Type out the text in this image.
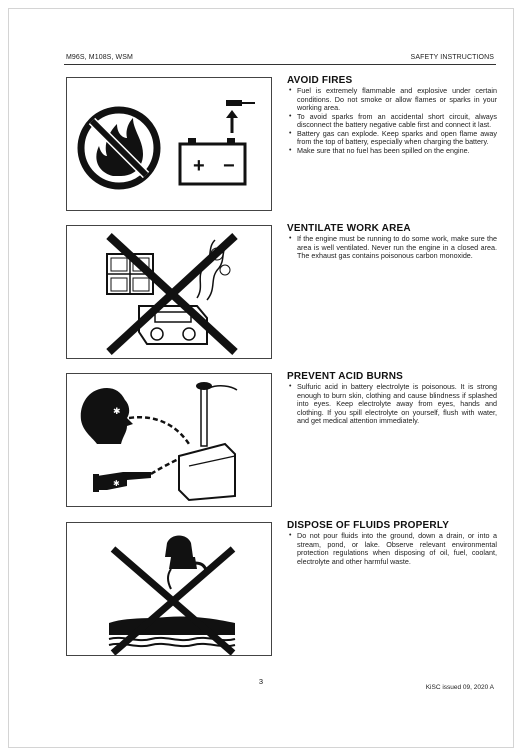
M96S, M108S, WSM	SAFETY INSTRUCTIONS
+ −
AVOID FIRES
• Fuel is extremely flammable and explosive under certain conditions. Do not smoke or allow flames or sparks in your working area.
• To avoid sparks from an accidental short circuit, always disconnect the battery negative cable first and connect it last.
• Battery gas can explode. Keep sparks and open flame away from the top of battery, especially when charging the battery.
• Make sure that no fuel has been spilled on the engine.
VENTILATE WORK AREA
• If the engine must be running to do some work, make sure the area is well ventilated. Never run the engine in a closed area. The exhaust gas contains poisonous carbon monoxide.
✱
✱
PREVENT ACID BURNS
• Sulfuric acid in battery electrolyte is poisonous. It is strong enough to burn skin, clothing and cause blindness if splashed into eyes. Keep electrolyte away from eyes, hands and clothing. If you spill electrolyte on yourself, flush with water, and get medical attention immediately.
DISPOSE OF FLUIDS PROPERLY
• Do not pour fluids into the ground, down a drain, or into a stream, pond, or lake. Observe relevant environmental protection regulations when disposing of oil, fuel, coolant, electrolyte and other harmful waste.
3
KiSC issued 09, 2020 A
